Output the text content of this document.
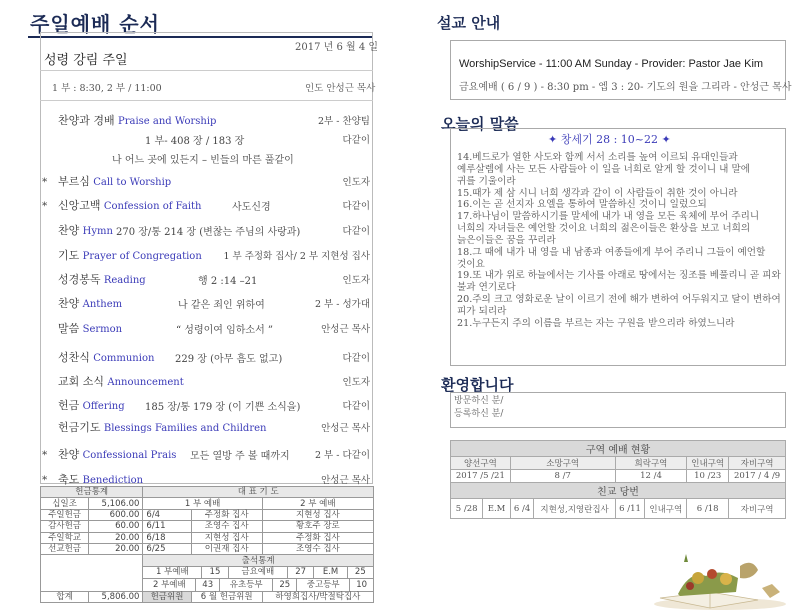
주일예배 순서
2017 년 6 월 4 일
성령 강림 주일
1 부 : 8:30, 2 부 / 11:00	인도 안성근 목사
찬양과 경배 Praise and Worship	2부 - 찬양팀
1 부- 408 장 / 183 장	다같이
나 어느 곳에 있든지 – 빈들의 마른 풀같이
* 부르심 Call to Worship	인도자
* 신앙고백 Confession of Faith	사도신경	다같이
찬양 Hymn 270 장/통 214 장 (변찮는 주님의 사랑과)	다같이
기도 Prayer of Congregation 1 부 주정화 집사/ 2 부 지현성 집사
성경봉독 Reading	행 2 :14 –21	인도자
찬양 Anthem	나 같은 죄인 위하여	2 부 - 성가대
말씀 Sermon	“ 성령이여 임하소서 ”	안성근 목사
성찬식 Communion 229 장 (아무 흠도 없고)	다같이
교회 소식 Announcement	인도자
헌금 Offering 185 장/통 179 장 (이 기쁜 소식을)	다같이
헌금기도 Blessings Families and Children	안성근 목사
* 찬양 Confessional Prais 모든 열방 주 볼 때까지	2 부 - 다같이
* 축도 Benediction	안성근 목사
헌금통계	대 표 기 도
십일조	5,106.00	1 부 예배	2 부 예배
주일헌금	600.00	6/4	주정화 집사	지현성 집사
감사헌금	60.00	6/11	조영수 집사	황호주 장로
주일학교	20.00	6/18	지현성 집사	주정화 집사
선교헌금	20.00	6/25	이권재 집사	조영수 집사
	출석통계

1 부예배	15	금요예배	27	E.M	25

2 부예배	43	유초등부	25	중고등부	10

합계	5,806.00	헌금위원	6 월 헌금위원	하영희집사/박절탁집사
설교 안내
WorshipService - 11:00 AM Sunday - Provider: Pastor Jae Kim
금요예배 ( 6 / 9 ) - 8:30 pm - 엡 3 : 20- 기도의 원을 그리라 - 안성근 목사
오늘의 말씀
✦ 창세기 28 : 10~22 ✦
14.베드로가 열한 사도와 함께 서서 소리를 높여 이르되 유대인들과
예루살렘에 사는 모든 사람들아 이 일을 너희로 알게 할 것이니 내 말에
귀를 기울이라
15.때가 제 삼 시니 너희 생각과 같이 이 사람들이 취한 것이 아니라
16.이는 곧 선지자 요엘을 통하여 말씀하신 것이니 일렀으되
17.하나님이 말씀하시기를 말세에 내가 내 영을 모든 육체에 부어 주리니
너희의 자녀들은 예언할 것이요 너희의 젊은이들은 환상을 보고 너희의
늙은이들은 꿈을 꾸리라
18.그 때에 내가 내 영을 내 남종과 여종들에게 부어 주리니 그들이 예언할
것이요
19.또 내가 위로 하늘에서는 기사를 아래로 땅에서는 징조를 베풀리니 곧 피와
불과 연기로다
20.주의 크고 영화로운 날이 이르기 전에 해가 변하여 어두워지고 달이 변하여
피가 되리라
21.누구든지 주의 이름을 부르는 자는 구원을 받으리라 하였느니라
환영합니다
방문하신 분/
등록하신 분/
구역 예배 현황							
양선구역		소망구역		희락구역		인내구역	자비구역
2017 /5 /21		8 /7		12 /4		10 /23	2017 / 4 /9
친교 당번							
5 /28	E.M	6 /4	지현성,지영란집사	6 /11	인내구역	6 /18	자비구역
